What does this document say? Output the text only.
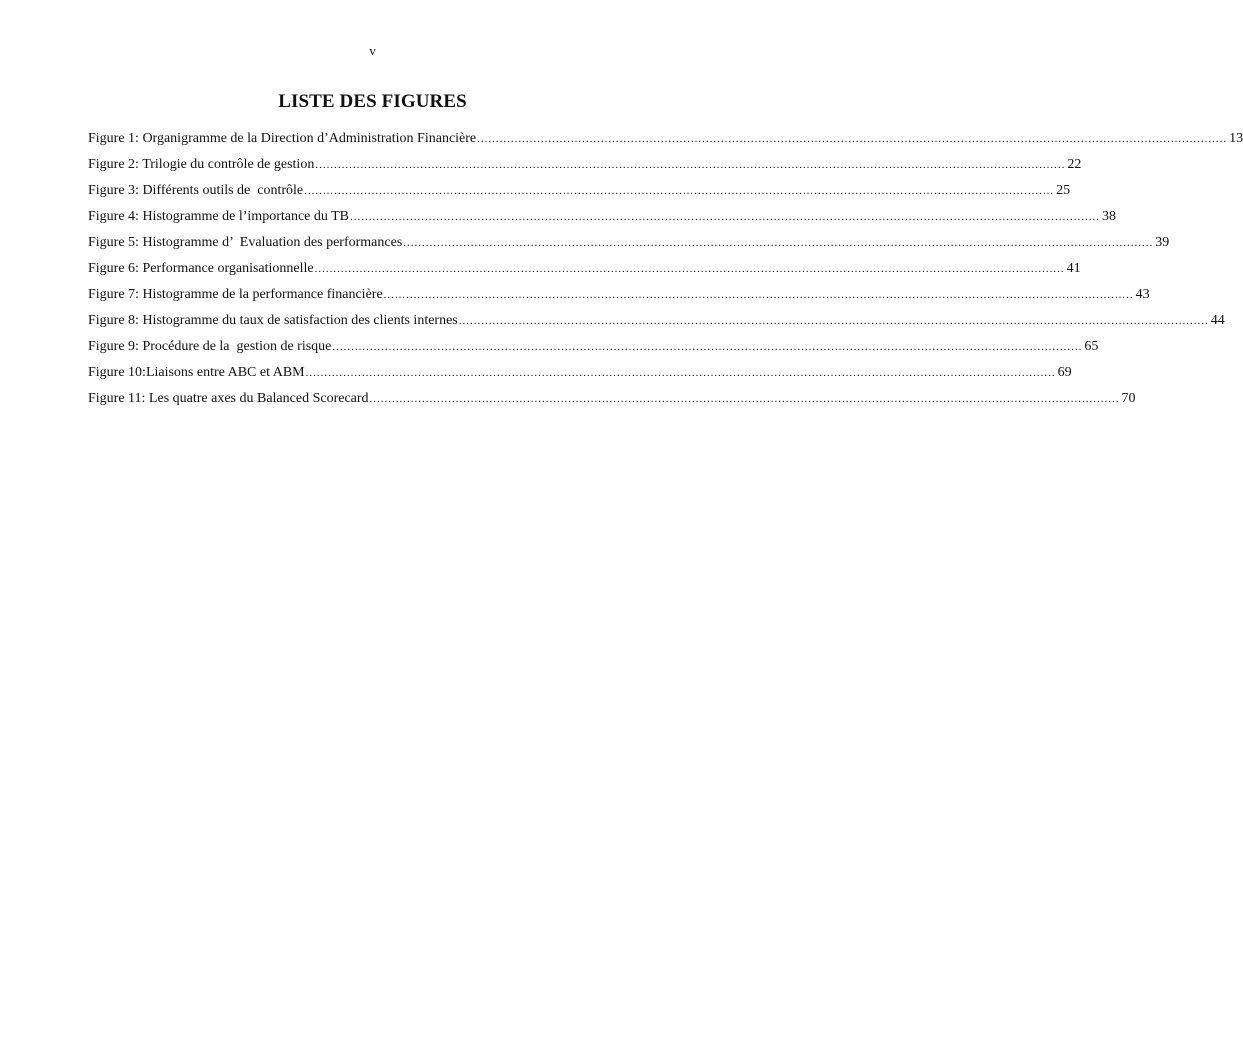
v
LISTE DES FIGURES
Figure 1: Organigramme de la Direction d’Administration Financière ........................................................................................................................................................................................................ 13
Figure 2: Trilogie du contrôle de gestion ........................................................................................................................................................................................................ 22
Figure 3: Différents outils de  contrôle ........................................................................................................................................................................................................ 25
Figure 4: Histogramme de l’importance du TB ........................................................................................................................................................................................................ 38
Figure 5: Histogramme d’  Evaluation des performances ........................................................................................................................................................................................................ 39
Figure 6: Performance organisationnelle ........................................................................................................................................................................................................ 41
Figure 7: Histogramme de la performance financière ........................................................................................................................................................................................................ 43
Figure 8: Histogramme du taux de satisfaction des clients internes ........................................................................................................................................................................................................ 44
Figure 9: Procédure de la  gestion de risque ........................................................................................................................................................................................................ 65
Figure 10:Liaisons entre ABC et ABM ........................................................................................................................................................................................................ 69
Figure 11: Les quatre axes du Balanced Scorecard ........................................................................................................................................................................................................ 70
